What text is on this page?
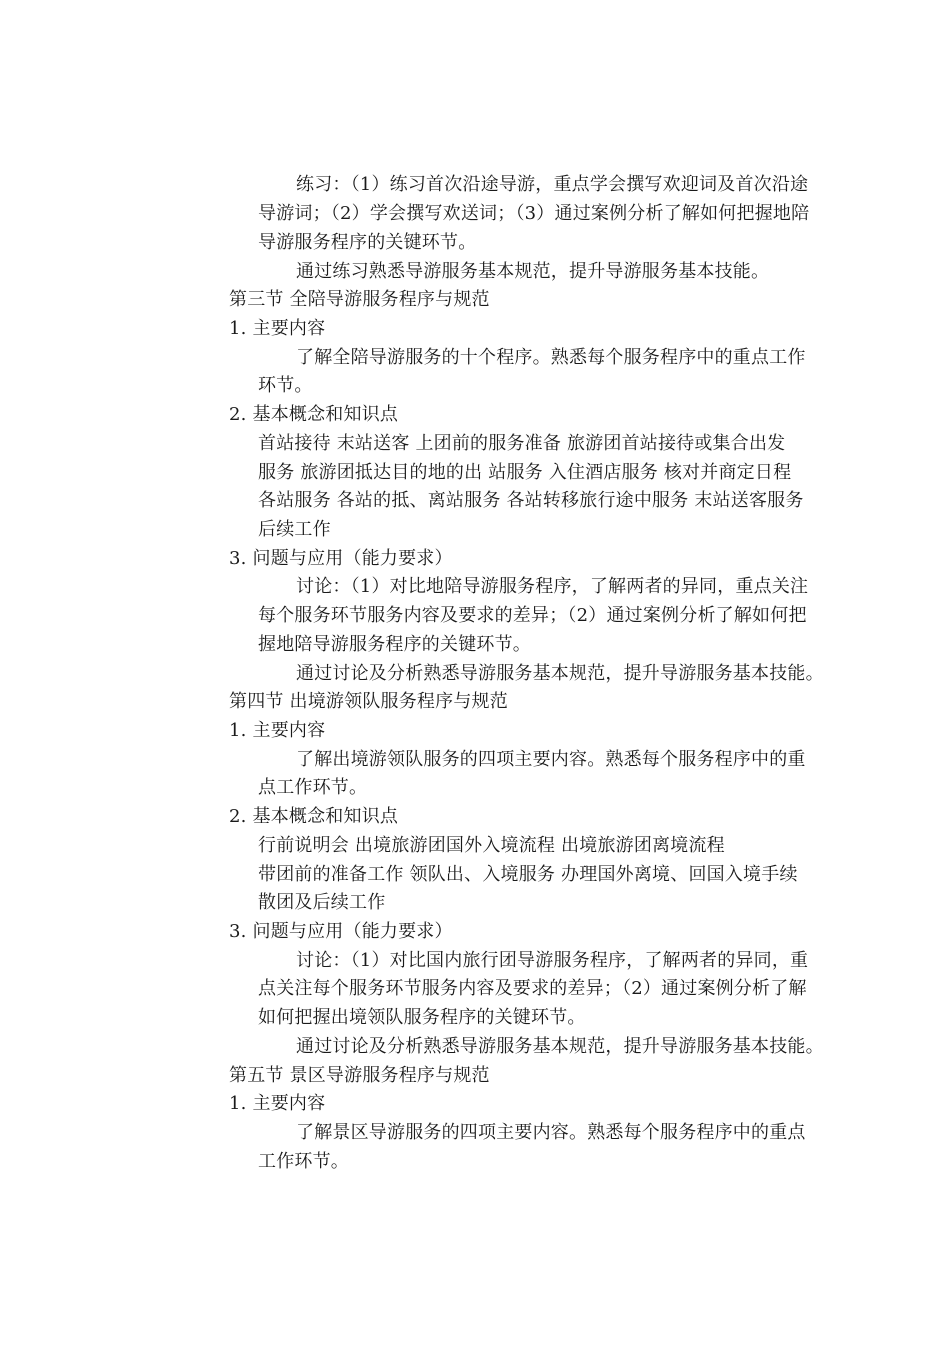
练习：（1）练习首次沿途导游，重点学会撰写欢迎词及首次沿途
导游词；（2）学会撰写欢送词；（3）通过案例分析了解如何把握地陪
导游服务程序的关键环节。
通过练习熟悉导游服务基本规范，提升导游服务基本技能。
第三节 全陪导游服务程序与规范
1. 主要内容
了解全陪导游服务的十个程序。熟悉每个服务程序中的重点工作
环节。
2. 基本概念和知识点
首站接待 末站送客 上团前的服务准备 旅游团首站接待或集合出发
服务 旅游团抵达目的地的出 站服务 入住酒店服务 核对并商定日程
各站服务 各站的抵、离站服务 各站转移旅行途中服务 末站送客服务
后续工作
3. 问题与应用（能力要求）
讨论：（1）对比地陪导游服务程序，了解两者的异同，重点关注
每个服务环节服务内容及要求的差异；（2）通过案例分析了解如何把
握地陪导游服务程序的关键环节。
通过讨论及分析熟悉导游服务基本规范，提升导游服务基本技能。
第四节 出境游领队服务程序与规范
1. 主要内容
了解出境游领队服务的四项主要内容。熟悉每个服务程序中的重
点工作环节。
2. 基本概念和知识点
行前说明会 出境旅游团国外入境流程 出境旅游团离境流程
带团前的准备工作 领队出、入境服务 办理国外离境、回国入境手续
散团及后续工作
3. 问题与应用（能力要求）
讨论：（1）对比国内旅行团导游服务程序，了解两者的异同，重
点关注每个服务环节服务内容及要求的差异；（2）通过案例分析了解
如何把握出境领队服务程序的关键环节。
通过讨论及分析熟悉导游服务基本规范，提升导游服务基本技能。
第五节 景区导游服务程序与规范
1. 主要内容
了解景区导游服务的四项主要内容。熟悉每个服务程序中的重点
工作环节。
